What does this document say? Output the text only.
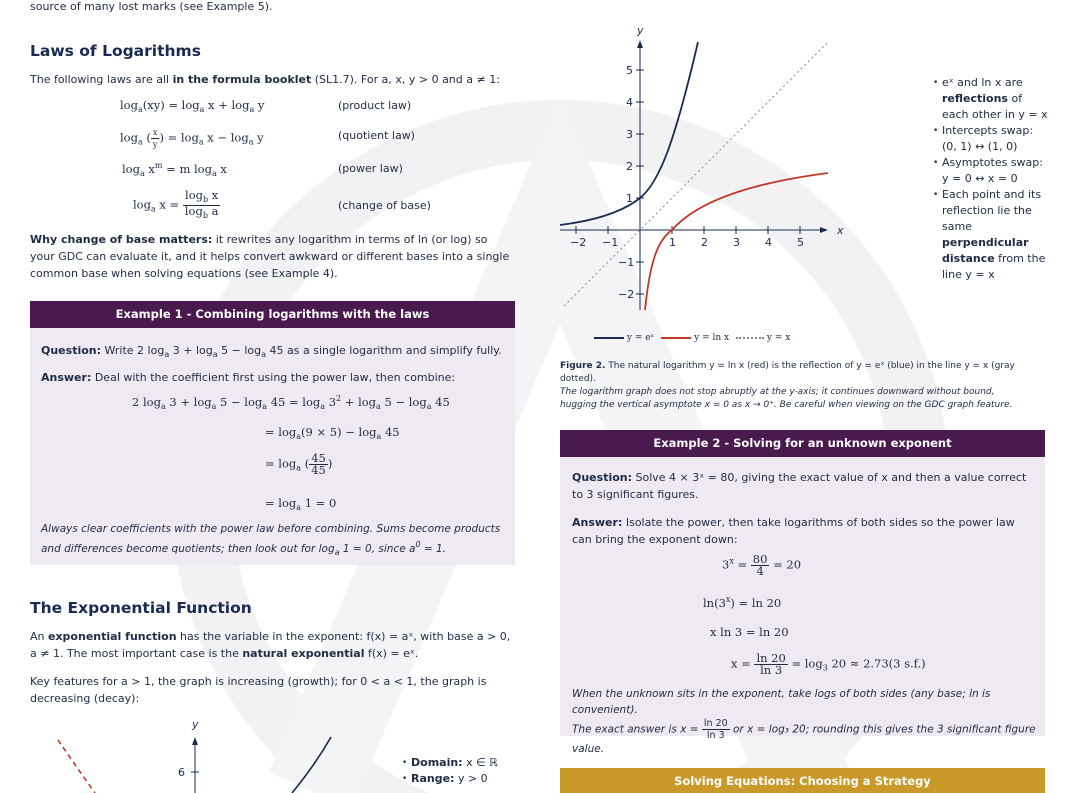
source of many lost marks (see Example 5).
Laws of Logarithms

The following laws are all in the formula booklet (SL1.7). For a, x, y > 0 and a ≠ 1:

$\log_a(xy) = \log_a x + \log_a y$	(product law)
$\log_a$ ( $\frac{x}{y}$ ) = $\log_a x - \log_a y$	(quotient law)
$\log_a x^m = m$ $\log_a x$	(power law)
$\log_a x = \frac{\log_b x}{\log_b a}$	(change of base)

Why change of base matters: it rewrites any logarithm in terms of ln (or log) so your GDC can evaluate it, and it helps convert awkward or different bases into a single common base when solving equations (see Example 4).

Example 1 - Combining logarithms with the laws

Question: Write 2 $\log_a 3 + \log_a 5 - \log_a 45$ as a single logarithm and simplify fully.

Answer: Deal with the coefficient first using the power law, then combine:

2 $\log_a 3 + \log_a 5 - \log_a 45 = \log_a 3^2 + \log_a 5 - \log_a 45$
= $\log_a(9 \times 5) - \log_a 45$
= $\log_a$ ( $\frac{45}{45}$ )
= $\log_a 1 = 0$
Always clear coefficients with the power law before combining. Sums become products and differences become quotients; then look out for $\log_a 1 = 0$, since $a^0 = 1$.
The Exponential Function

An exponential function has the variable in the exponent: f(x) = aˣ, with base a > 0, a ≠ 1. The most important case is the natural exponential f(x) = eˣ.

Key features for a > 1, the graph is increasing (growth); for 0 < a < 1, the graph is decreasing (decay):

y
6
• Domain: x ∈ ℝ
• Range: y > 0
x
y
−2 −1	1 2 3 4 5
−2
−1
1
2
3
4
5
y = eˣ	y = ln x	y = x
• eˣ and ln x are reflections of each other in y = x
• Intercepts swap:
(0, 1) ↔ (1, 0)
• Asymptotes swap:
y = 0 ↔ x = 0
• Each point and its reflection lie the same perpendicular distance from the line y = x
Figure 2. The natural logarithm y = ln x (red) is the reflection of y = eˣ (blue) in the line y = x (gray dotted).
The logarithm graph does not stop abruptly at the y-axis; it continues downward without bound, hugging the vertical asymptote x = 0 as x → 0⁺. Be careful when viewing on the GDC graph feature.
Example 2 - Solving for an unknown exponent

Question: Solve 4 × 3ˣ = 80, giving the exact value of x and then a value correct to 3 significant figures.

Answer: Isolate the power, then take logarithms of both sides so the power law can bring the exponent down:

$3^x = \frac{80}{4} = 20$
$\ln(3^x) = \ln 20$
x ln 3 = ln 20
$x = \frac{\ln 20}{\ln 3} = \log_3 20 \approx 2.73(3$ s.f.)
When the unknown sits in the exponent, take logs of both sides (any base; ln is convenient).
The exact answer is $x = \frac{\ln 20}{\ln 3}$ or x = log₃ 20; rounding this gives the 3 significant figure value.
Solving Equations: Choosing a Strategy
